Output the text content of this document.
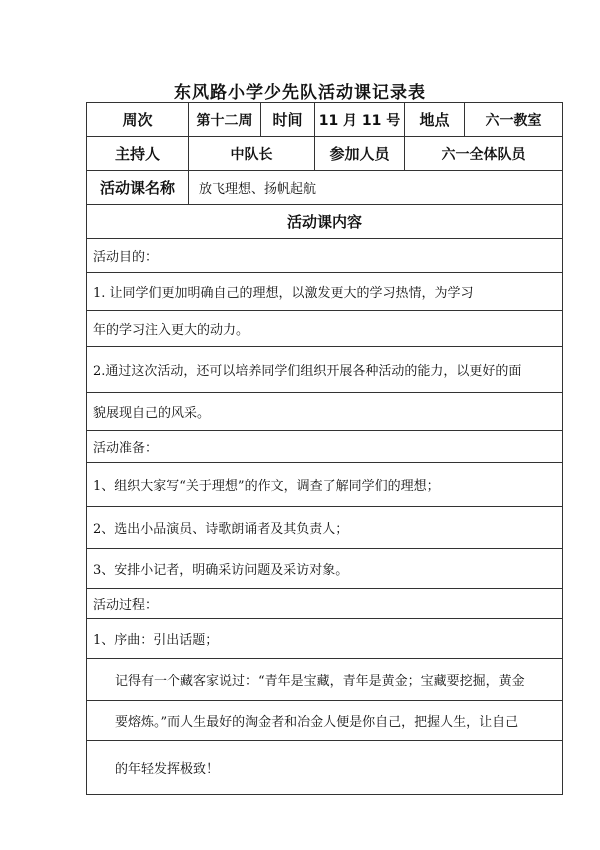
东风路小学少先队活动课记录表
周次	第十二周	时间	11 月 11 号	地点	六一教室
主持人	中队长		参加人员	六一全体队员	
活动课名称	放飞理想、扬帆起航				
活动课内容					
活动目的：					
1. 让同学们更加明确自己的理想，以激发更大的学习热情，为学习					
年的学习注入更大的动力。					
2.通过这次活动，还可以培养同学们组织开展各种活动的能力，以更好的面					
貌展现自己的风采。					
活动准备：					
1、组织大家写“关于理想”的作文，调查了解同学们的理想；					
2、选出小品演员、诗歌朗诵者及其负责人；					
3、安排小记者，明确采访问题及采访对象。					
活动过程：					
1、序曲：引出话题；					
记得有一个藏客家说过：“青年是宝藏，青年是黄金；宝藏要挖掘，黄金					
要熔炼。”而人生最好的淘金者和冶金人便是你自己，把握人生，让自己					
的年轻发挥极致！					
